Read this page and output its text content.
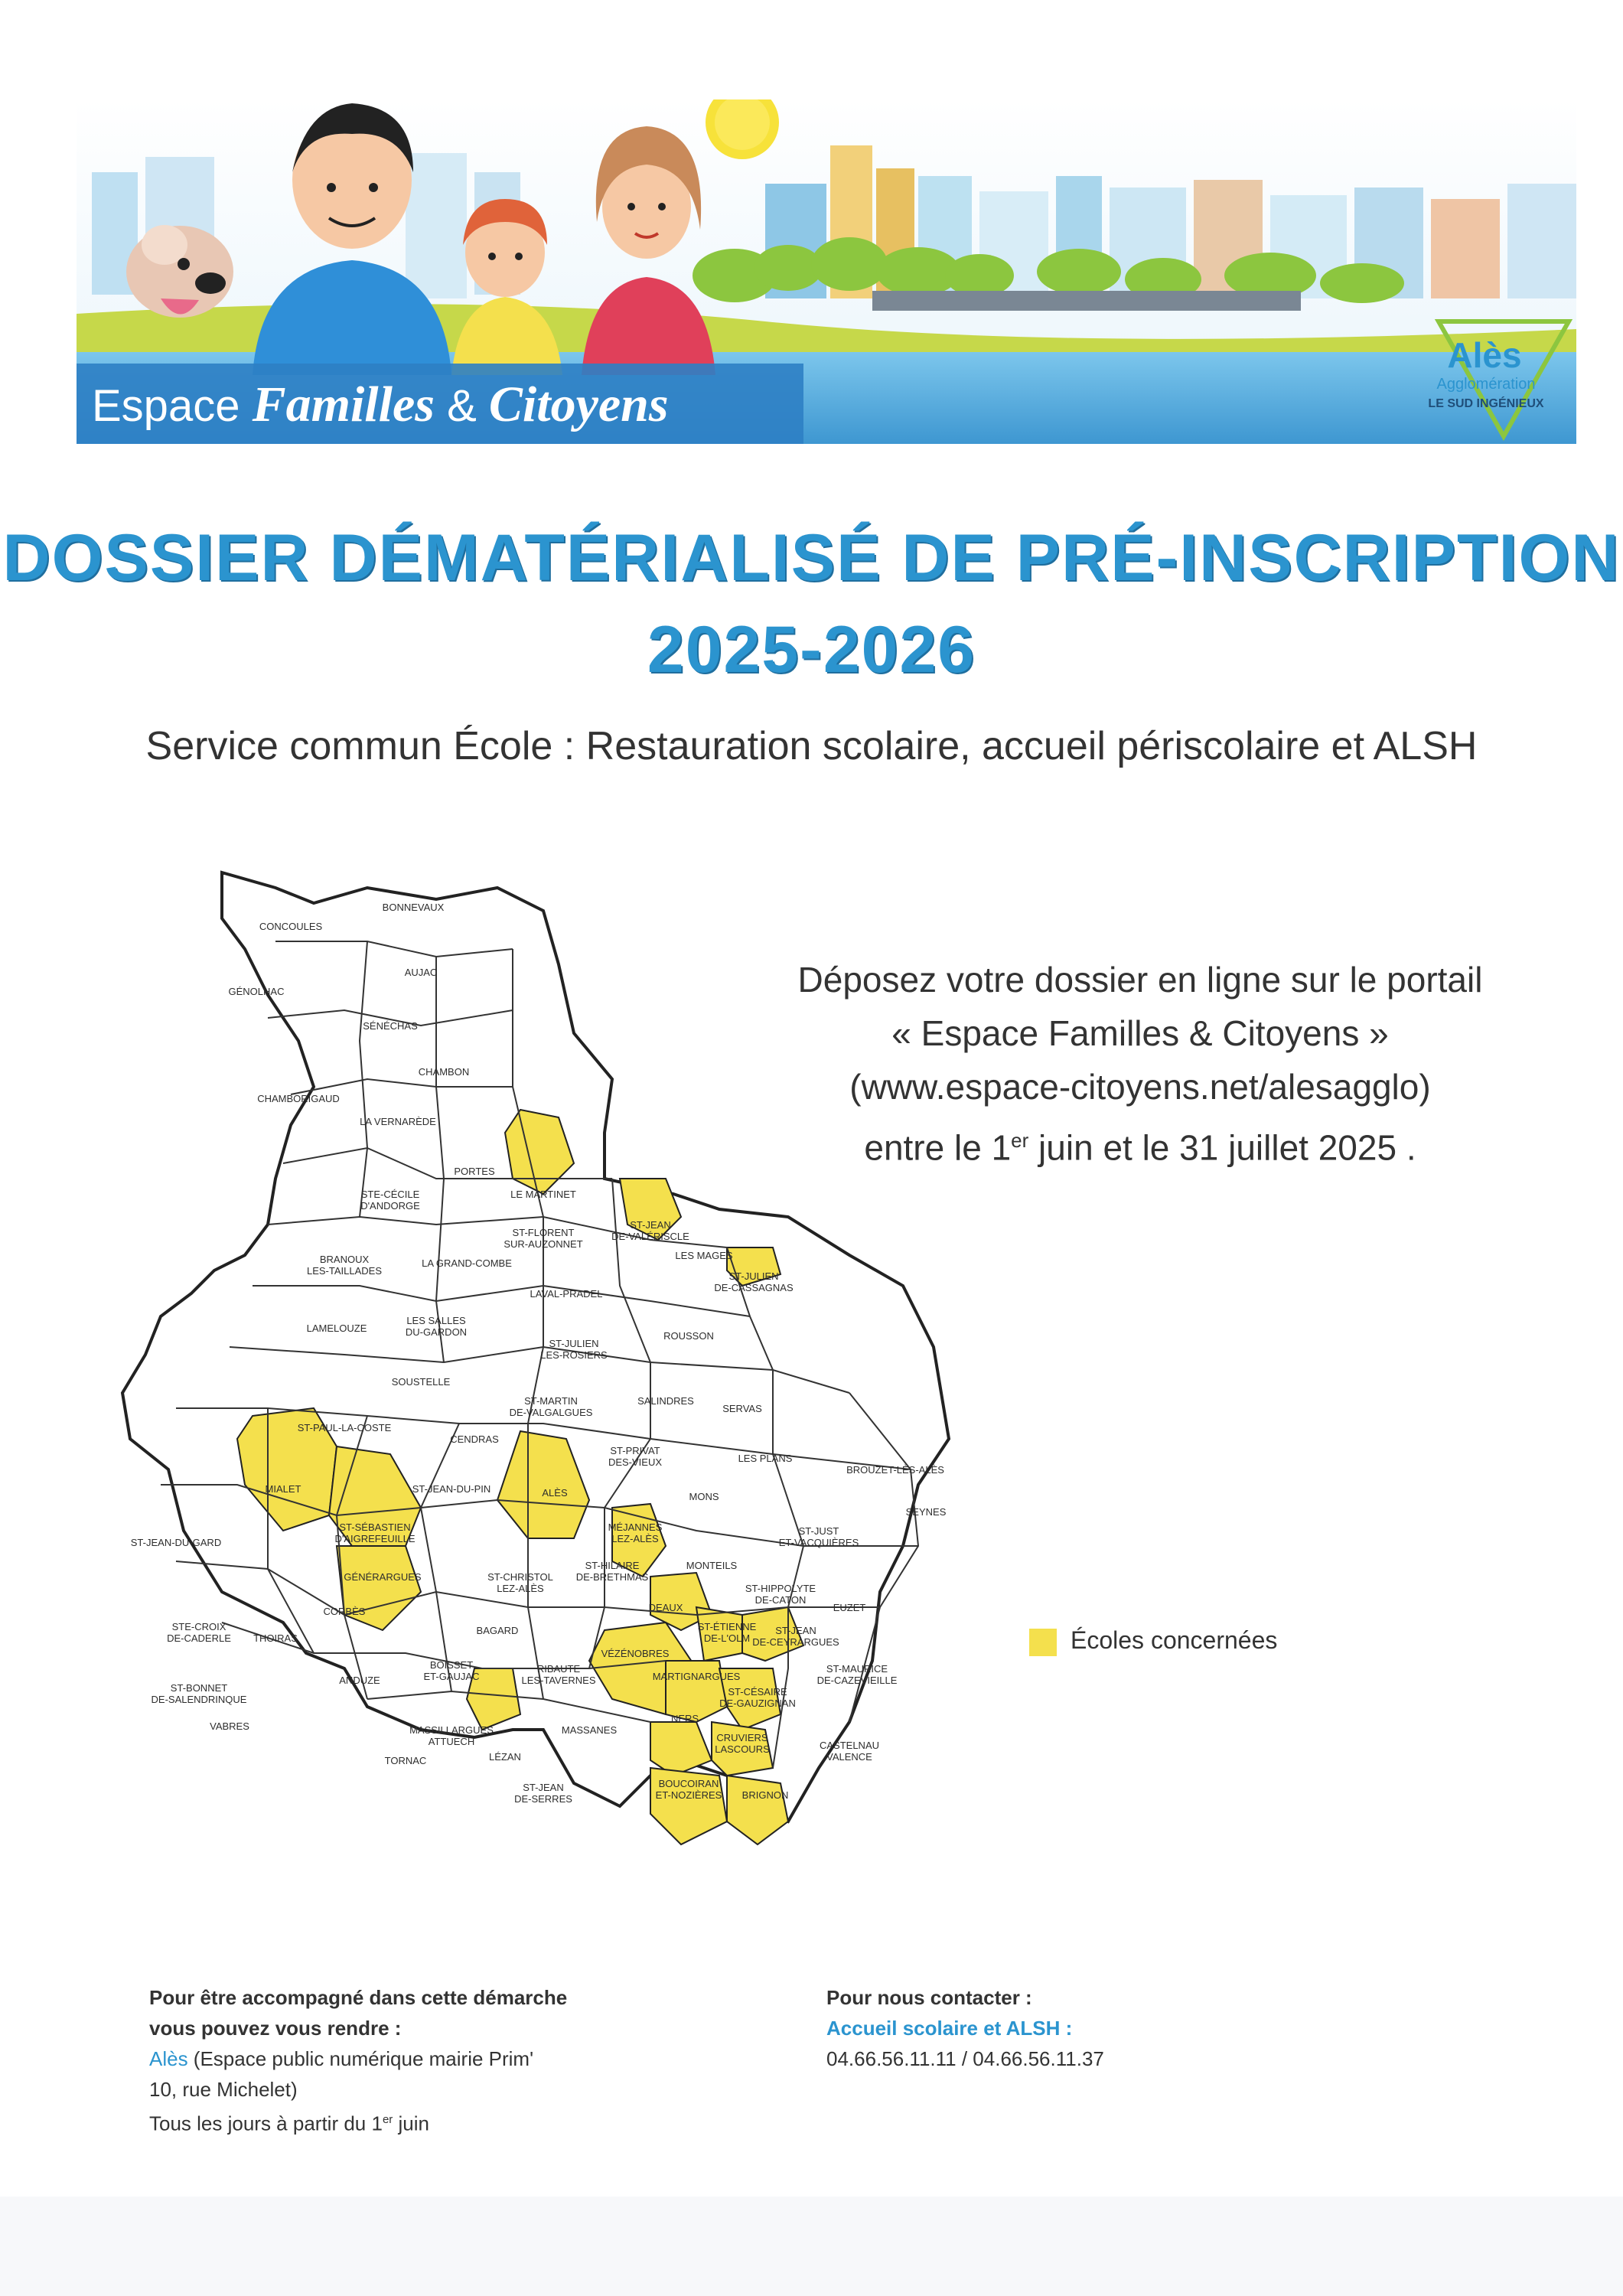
Espace Familles & Citoyens
Alès
Agglomération
LE SUD INGÉNIEUX
DOSSIER DÉMATÉRIALISÉ DE PRÉ-INSCRIPTION
2025-2026
Service commun École : Restauration scolaire, accueil périscolaire et ALSH
Déposez votre dossier en ligne sur le portail
« Espace Familles & Citoyens »
(www.espace-citoyens.net/alesagglo)
entre le 1er juin et le 31 juillet 2025 .
BONNEVAUX
CONCOULES
AUJAC
GÉNOLHAC
SÉNÉCHAS
CHAMBON
CHAMBORIGAUD
LA VERNARÈDE
PORTES
LE MARTINET
STE-CÉCILE
D'ANDORGE
ST-FLORENT
SUR-AUZONNET
ST-JEAN
DE-VALÉRISCLE
LES MAGES
ST-JULIEN
DE-CASSAGNAS
BRANOUX
LES-TAILLADES
LA GRAND-COMBE
LAVAL-PRADEL
LAMELOUZE
LES SALLES
DU-GARDON
ST-JULIEN
LES-ROSIERS
ROUSSON
SOUSTELLE
ST-MARTIN
DE-VALGALGUES
SALINDRES
SERVAS
ST-PAUL-LA-COSTE
CENDRAS
ST-PRIVAT
DES-VIEUX	LES PLANS
BROUZET-LÈS-ALÈS
MIALET	ST-JEAN-DU-PIN	ALÈS	MONS
SEYNES
ST-SÉBASTIEN
D'AIGREFEUILLE
MÉJANNES
LEZ-ALÈS
ST-JUST
ET-VACQUIÈRES
ST-JEAN-DU-GARD
GÉNÉRARGUES	ST-CHRISTOL
LEZ-ALÈS
ST-HILAIRE
DE-BRETHMAS
MONTEILS
ST-HIPPOLYTE
DE-CATON
EUZET
CORBÈS	DEAUX
STE-CROIX
DE-CADERLE THOIRAS
BAGARD	ST-ÉTIENNE
DE-L'OLM
ST-JEAN
DE-CEYRARGUES
VÉZÉNOBRES
ANDUZE
BOISSET
ET-GAUJAC
RIBAUTE
LES-TAVERNES	MARTIGNARGUES
ST-MAURICE
DE-CAZEVIEILLE
ST-BONNET
DE-SALENDRINQUE
ST-CÉSAIRE
DE-GAUZIGNAN
VABRES	MASSILLARGUES
ATTUECH
MASSANES
NERS
TORNAC	LÉZAN
CRUVIERS
LASCOURS	CASTELNAU
VALENCE
BOUCOIRAN
ET-NOZIÈRES BRIGNON
ST-JEAN
DE-SERRES
Écoles concernées
Pour être accompagné dans cette démarche
vous pouvez vous rendre :
Alès (Espace public numérique mairie Prim'
10, rue Michelet)
Tous les jours à partir du 1er juin
Pour nous contacter :
Accueil scolaire et ALSH :
04.66.56.11.11 / 04.66.56.11.37
